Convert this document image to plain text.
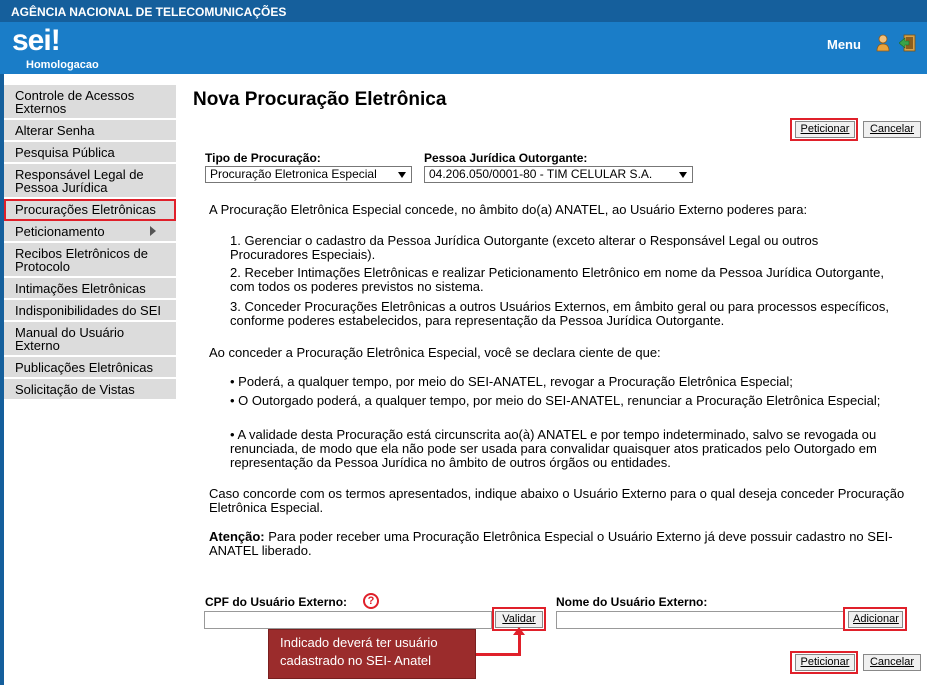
AGÊNCIA NACIONAL DE TELECOMUNICAÇÕES
sei!
Homologacao
Menu
Controle de Acessos Externos
Alterar Senha
Pesquisa Pública
Responsável Legal de Pessoa Jurídica
Procurações Eletrônicas
Peticionamento
Recibos Eletrônicos de Protocolo
Intimações Eletrônicas
Indisponibilidades do SEI
Manual do Usuário Externo
Publicações Eletrônicas
Solicitação de Vistas
Nova Procuração Eletrônica
Peticionar	Cancelar
Tipo de Procuração:
Procuração Eletronica Especial
Pessoa Jurídica Outorgante:
04.206.050/0001-80 - TIM CELULAR S.A.

A Procuração Eletrônica Especial concede, no âmbito do(a) ANATEL, ao Usuário Externo poderes para:

1. Gerenciar o cadastro da Pessoa Jurídica Outorgante (exceto alterar o Responsável Legal ou outros Procuradores Especiais).

2. Receber Intimações Eletrônicas e realizar Peticionamento Eletrônico em nome da Pessoa Jurídica Outorgante, com todos os poderes previstos no sistema.

3. Conceder Procurações Eletrônicas a outros Usuários Externos, em âmbito geral ou para processos específicos, conforme poderes estabelecidos, para representação da Pessoa Jurídica Outorgante.

Ao conceder a Procuração Eletrônica Especial, você se declara ciente de que:

• Poderá, a qualquer tempo, por meio do SEI-ANATEL, revogar a Procuração Eletrônica Especial;

• O Outorgado poderá, a qualquer tempo, por meio do SEI-ANATEL, renunciar a Procuração Eletrônica Especial;

• A validade desta Procuração está circunscrita ao(à) ANATEL e por tempo indeterminado, salvo se revogada ou renunciada, de modo que ela não pode ser usada para convalidar quaisquer atos praticados pelo Outorgado em representação da Pessoa Jurídica no âmbito de outros órgãos ou entidades.

Caso concorde com os termos apresentados, indique abaixo o Usuário Externo para o qual deseja conceder Procuração Eletrônica Especial.

Atenção: Para poder receber uma Procuração Eletrônica Especial o Usuário Externo já deve possuir cadastro no SEI-ANATEL liberado.

CPF do Usuário Externo:	?
Validar
Nome do Usuário Externo:
Adicionar
Peticionar	Cancelar
Indicado deverá ter usuário cadastrado no SEI- Anatel
